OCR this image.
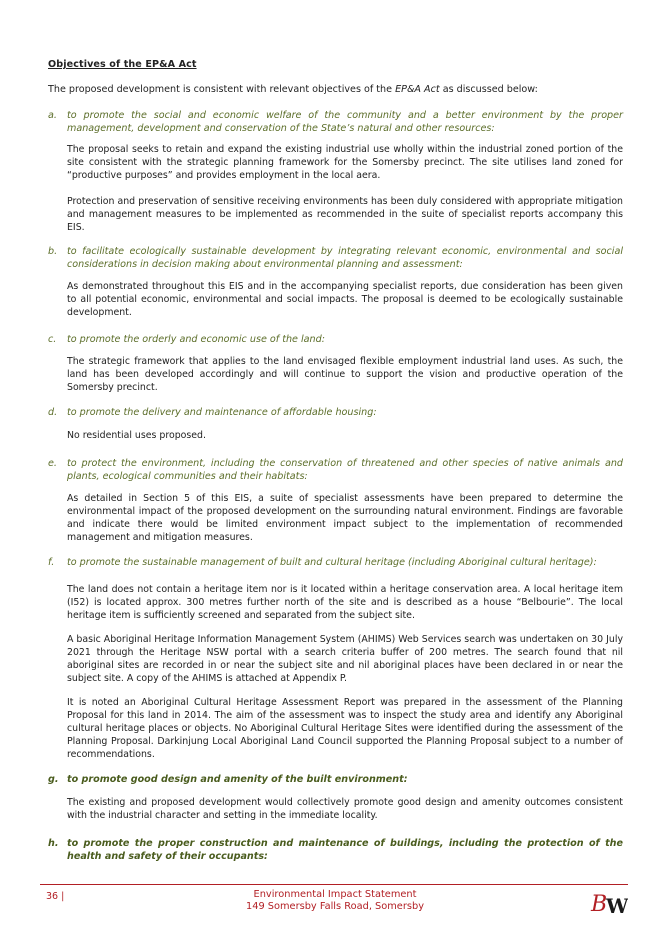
Objectives of the EP&A Act
The proposed development is consistent with relevant objectives of the EP&A Act as discussed below:
a. to promote the social and economic welfare of the community and a better environment by the proper management, development and conservation of the State’s natural and other resources:
The proposal seeks to retain and expand the existing industrial use wholly within the industrial zoned portion of the site consistent with the strategic planning framework for the Somersby precinct. The site utilises land zoned for “productive purposes” and provides employment in the local aera.
Protection and preservation of sensitive receiving environments has been duly considered with appropriate mitigation and management measures to be implemented as recommended in the suite of specialist reports accompany this EIS.
b. to facilitate ecologically sustainable development by integrating relevant economic, environmental and social considerations in decision making about environmental planning and assessment:
As demonstrated throughout this EIS and in the accompanying specialist reports, due consideration has been given to all potential economic, environmental and social impacts. The proposal is deemed to be ecologically sustainable development.
c. to promote the orderly and economic use of the land:
The strategic framework that applies to the land envisaged flexible employment industrial land uses. As such, the land has been developed accordingly and will continue to support the vision and productive operation of the Somersby precinct.
d. to promote the delivery and maintenance of affordable housing:
No residential uses proposed.
e. to protect the environment, including the conservation of threatened and other species of native animals and plants, ecological communities and their habitats:
As detailed in Section 5 of this EIS, a suite of specialist assessments have been prepared to determine the environmental impact of the proposed development on the surrounding natural environment. Findings are favorable and indicate there would be limited environment impact subject to the implementation of recommended management and mitigation measures.
f. to promote the sustainable management of built and cultural heritage (including Aboriginal cultural heritage):
The land does not contain a heritage item nor is it located within a heritage conservation area. A local heritage item (I52) is located approx. 300 metres further north of the site and is described as a house “Belbourie”. The local heritage item is sufficiently screened and separated from the subject site.
A basic Aboriginal Heritage Information Management System (AHIMS) Web Services search was undertaken on 30 July 2021 through the Heritage NSW portal with a search criteria buffer of 200 metres. The search found that nil aboriginal sites are recorded in or near the subject site and nil aboriginal places have been declared in or near the subject site. A copy of the AHIMS is attached at Appendix P.
It is noted an Aboriginal Cultural Heritage Assessment Report was prepared in the assessment of the Planning Proposal for this land in 2014. The aim of the assessment was to inspect the study area and identify any Aboriginal cultural heritage places or objects. No Aboriginal Cultural Heritage Sites were identified during the assessment of the Planning Proposal. Darkinjung Local Aboriginal Land Council supported the Planning Proposal subject to a number of recommendations.
g. to promote good design and amenity of the built environment:
The existing and proposed development would collectively promote good design and amenity outcomes consistent with the industrial character and setting in the immediate locality.
h. to promote the proper construction and maintenance of buildings, including the protection of the health and safety of their occupants:
36 |	Environmental Impact Statement
149 Somersby Falls Road, Somersby	B
W
